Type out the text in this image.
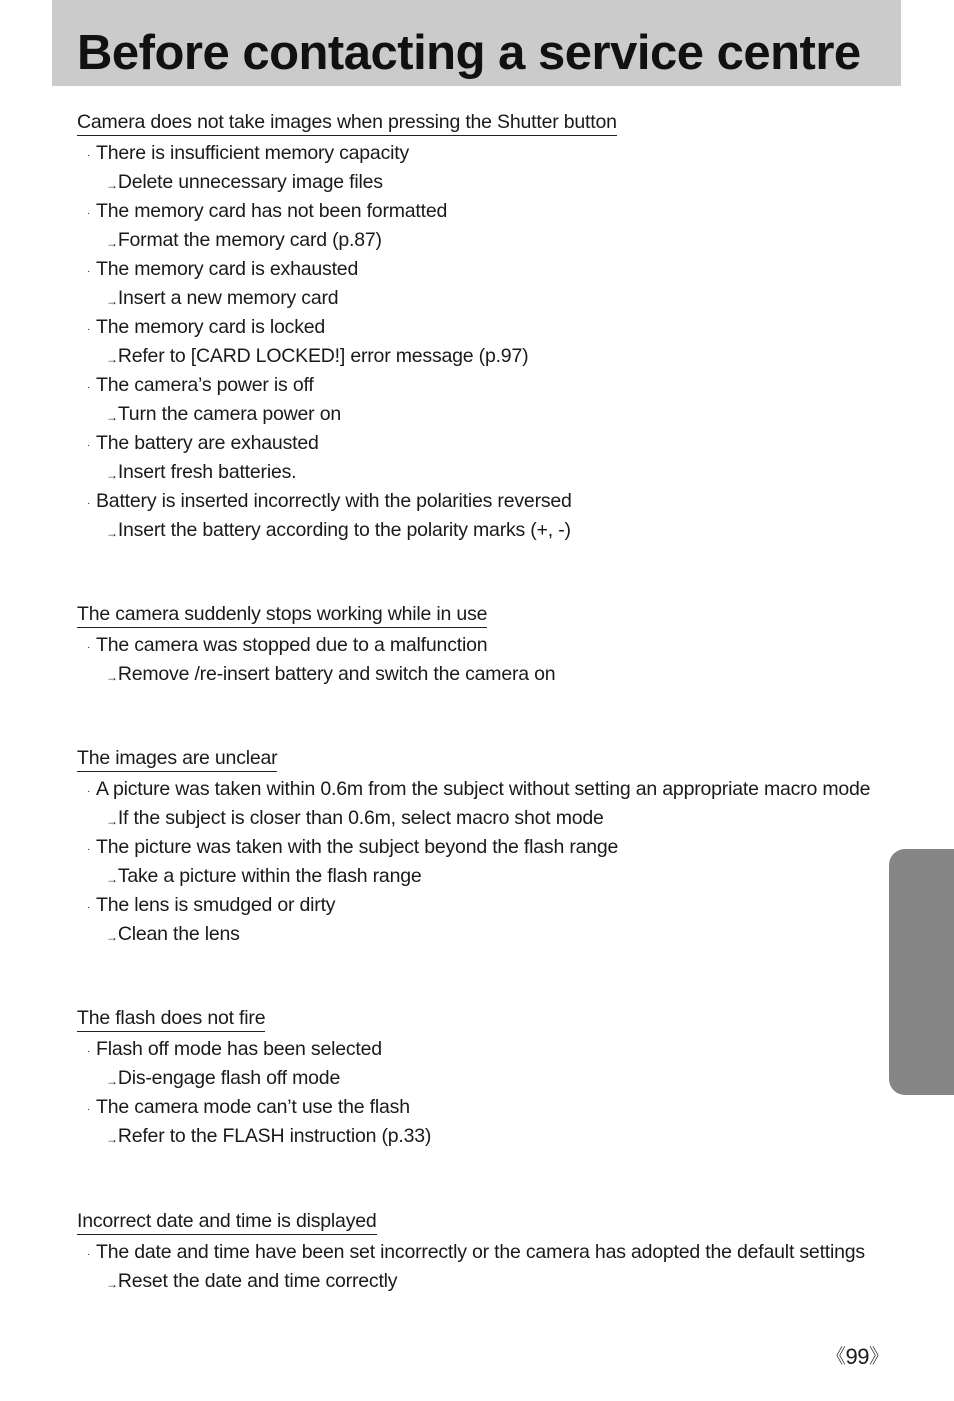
Before contacting a service centre
Camera does not take images when pressing the Shutter button
· There is insufficient memory capacity
→Delete unnecessary image files
· The memory card has not been formatted
→Format the memory card (p.87)
· The memory card is exhausted
→Insert a new memory card
· The memory card is locked
→Refer to [CARD LOCKED!] error message (p.97)
· The camera’s power is off
→Turn the camera power on
· The battery are exhausted
→Insert fresh batteries.
· Battery is inserted incorrectly with the polarities reversed
→Insert the battery according to the polarity marks (+, -)
The camera suddenly stops working while in use
· The camera was stopped due to a malfunction
→Remove /re-insert battery and switch the camera on
The images are unclear
· A picture was taken within 0.6m from the subject without setting an appropriate macro mode
→If the subject is closer than 0.6m, select macro shot mode
· The picture was taken with the subject beyond the flash range
→Take a picture within the flash range
· The lens is smudged or dirty
→Clean the lens
The flash does not fire
· Flash off mode has been selected
→Dis-engage flash off mode
· The camera mode can’t use the flash
→Refer to the FLASH instruction (p.33)
Incorrect date and time is displayed
· The date and time have been set incorrectly or the camera has adopted the default settings
→Reset the date and time correctly
《99》
